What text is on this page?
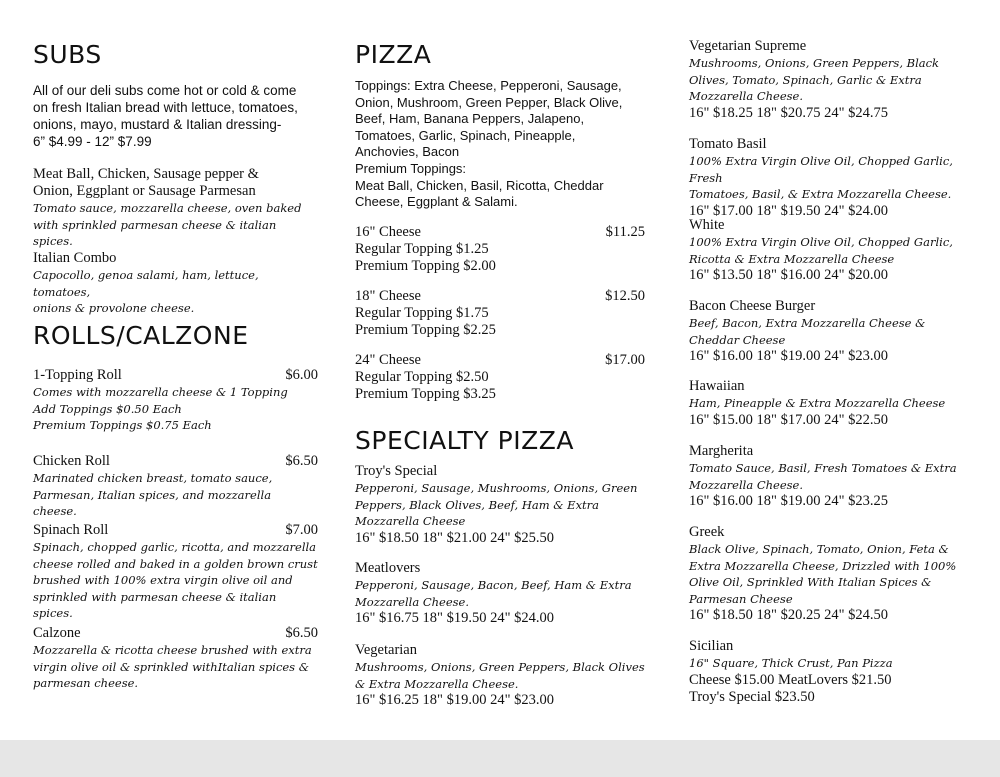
SUBS
All of our deli subs come hot or cold & come
on fresh Italian bread with lettuce, tomatoes,
onions, mayo, mustard & Italian dressing-
6” $4.99 - 12” $7.99
Meat Ball, Chicken, Sausage pepper &
Onion, Eggplant or Sausage Parmesan
Tomato sauce, mozzarella cheese, oven baked
with sprinkled parmesan cheese & italian spices.
Italian Combo
Capocollo, genoa salami, ham, lettuce, tomatoes,
onions & provolone cheese.
ROLLS/CALZONE
1-Topping Roll	$6.00
Comes with mozzarella cheese & 1 Topping
Add Toppings $0.50 Each
Premium Toppings $0.75 Each
Chicken Roll	$6.50
Marinated chicken breast, tomato sauce,
Parmesan, Italian spices, and mozzarella cheese.
Spinach Roll	$7.00
Spinach, chopped garlic, ricotta, and mozzarella
cheese rolled and baked in a golden brown crust
brushed with 100% extra virgin olive oil and
sprinkled with parmesan cheese & italian spices.
Calzone	$6.50
Mozzarella & ricotta cheese brushed with extra
virgin olive oil & sprinkled withItalian spices &
parmesan cheese.
PIZZA
Toppings: Extra Cheese, Pepperoni, Sausage,
Onion, Mushroom, Green Pepper, Black Olive,
Beef, Ham, Banana Peppers, Jalapeno,
Tomatoes, Garlic, Spinach, Pineapple,
Anchovies, Bacon
Premium Toppings:
Meat Ball, Chicken, Basil, Ricotta, Cheddar
Cheese, Eggplant & Salami.
16" Cheese	$11.25
Regular Topping $1.25
Premium Topping $2.00
18" Cheese	$12.50
Regular Topping $1.75
Premium Topping $2.25
24" Cheese	$17.00
Regular Topping $2.50
Premium Topping $3.25
SPECIALTY PIZZA
Troy's Special
Pepperoni, Sausage, Mushrooms, Onions, Green
Peppers, Black Olives, Beef, Ham & Extra
Mozzarella Cheese
16" $18.50 18" $21.00 24" $25.50
Meatlovers
Pepperoni, Sausage, Bacon, Beef, Ham & Extra
Mozzarella Cheese.
16" $16.75 18" $19.50 24" $24.00
Vegetarian
Mushrooms, Onions, Green Peppers, Black Olives
& Extra Mozzarella Cheese.
16" $16.25 18" $19.00 24" $23.00
Vegetarian Supreme
Mushrooms, Onions, Green Peppers, Black
Olives, Tomato, Spinach, Garlic & Extra
Mozzarella Cheese.
16" $18.25 18" $20.75 24" $24.75
Tomato Basil
100% Extra Virgin Olive Oil, Chopped Garlic, Fresh
Tomatoes, Basil, & Extra Mozzarella Cheese.
16" $17.00 18" $19.50 24" $24.00
White
100% Extra Virgin Olive Oil, Chopped Garlic,
Ricotta & Extra Mozzarella Cheese
16" $13.50 18" $16.00 24" $20.00
Bacon Cheese Burger
Beef, Bacon, Extra Mozzarella Cheese &
Cheddar Cheese
16" $16.00 18" $19.00 24" $23.00
Hawaiian
Ham, Pineapple & Extra Mozzarella Cheese
16" $15.00 18" $17.00 24" $22.50
Margherita
Tomato Sauce, Basil, Fresh Tomatoes & Extra
Mozzarella Cheese.
16" $16.00 18" $19.00 24" $23.25
Greek
Black Olive, Spinach, Tomato, Onion, Feta &
Extra Mozzarella Cheese, Drizzled with 100%
Olive Oil, Sprinkled With Italian Spices &
Parmesan Cheese
16" $18.50 18" $20.25 24" $24.50
Sicilian
16" Square, Thick Crust, Pan Pizza
Cheese $15.00 MeatLovers $21.50
Troy's Special $23.50
